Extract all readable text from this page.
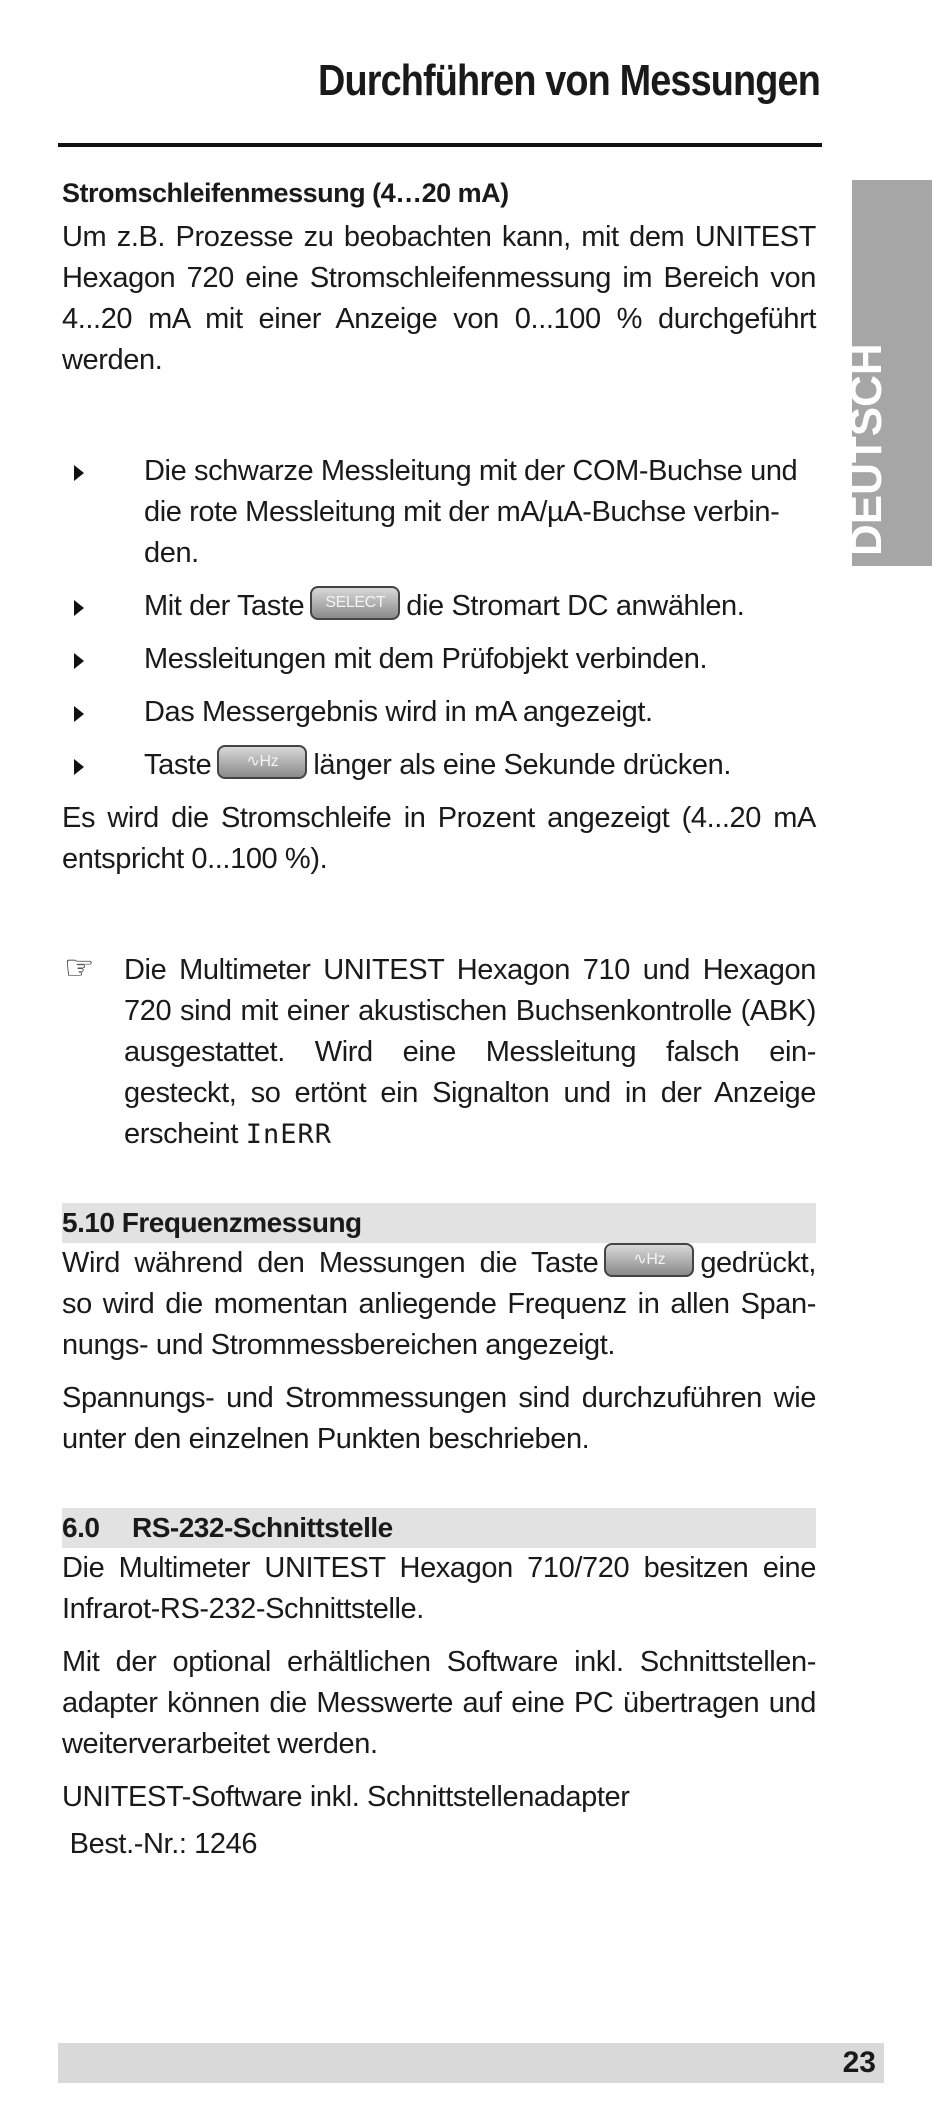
Durchführen von Messungen
DEUTSCH
Stromschleifenmessung (4…20 mA)

Um z.B. Prozesse zu beobachten kann, mit dem UNITEST Hexagon 720 eine Stromschleifenmessung im Bereich von 4...20 mA mit einer Anzeige von 0...100 % durchgeführt werden.

Die schwarze Messleitung mit der COM-Buchse und die rote Messleitung mit der mA/µA-Buchse verbin-den.
Mit der Taste SELECT die Stromart DC anwählen.
Messleitungen mit dem Prüfobjekt verbinden.
Das Messergebnis wird in mA angezeigt.
Taste ∿Hz länger als eine Sekunde drücken.

Es wird die Stromschleife in Prozent angezeigt (4...20 mA entspricht 0...100 %).

☞ Die Multimeter UNITEST Hexagon 710 und Hexagon 720 sind mit einer akustischen Buchsenkontrolle (ABK) ausgestattet. Wird eine Messleitung falsch ein-gesteckt, so ertönt ein Signalton und in der Anzeige erscheint InERR

5.10 Frequenzmessung

Wird während den Messungen die Taste ∿Hz gedrückt, so wird die momentan anliegende Frequenz in allen Span-nungs- und Strommessbereichen angezeigt.

Spannungs- und Strommessungen sind durchzuführen wie unter den einzelnen Punkten beschrieben.

6.0 RS-232-Schnittstelle

Die Multimeter UNITEST Hexagon 710/720 besitzen eine Infrarot-RS-232-Schnittstelle.

Mit der optional erhältlichen Software inkl. Schnittstellen-adapter können die Messwerte auf eine PC übertragen und weiterverarbeitet werden.

UNITEST-Software inkl. Schnittstellenadapter

Best.-Nr.: 1246

23
